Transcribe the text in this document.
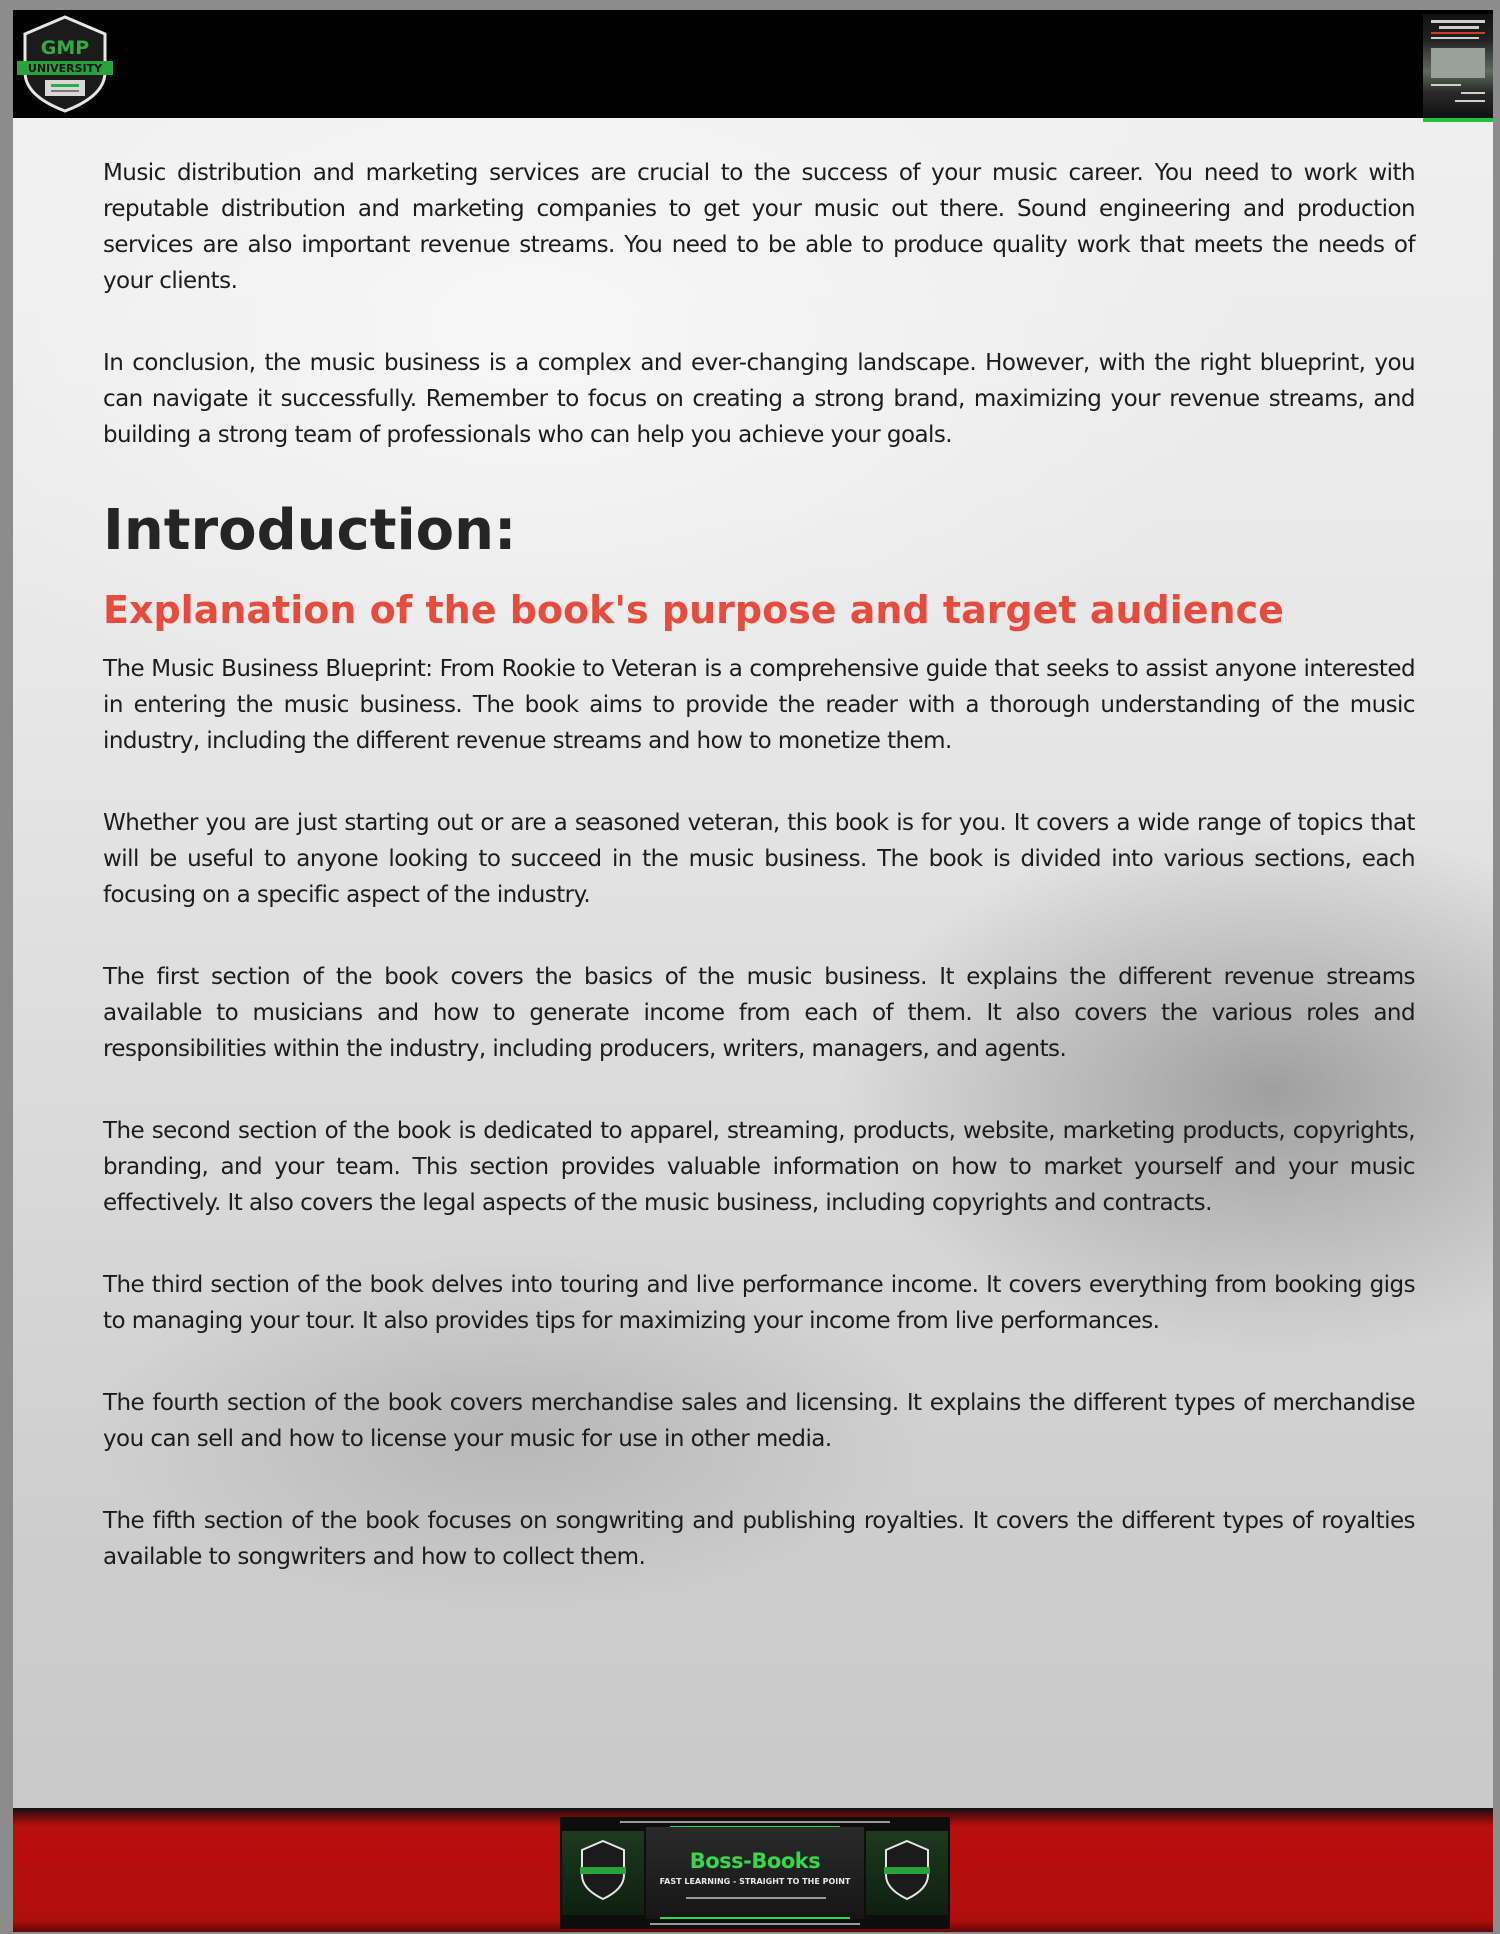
GMP
UNIVERSITY

Music distribution and marketing services are crucial to the success of your music career. You need to work with reputable distribution and marketing companies to get your music out there. Sound engineering and production services are also important revenue streams. You need to be able to produce quality work that meets the needs of your clients.

In conclusion, the music business is a complex and ever-changing landscape. However, with the right blueprint, you can navigate it successfully. Remember to focus on creating a strong brand, maximizing your revenue streams, and building a strong team of professionals who can help you achieve your goals.

Introduction:
Explanation of the book's purpose and target audience

The Music Business Blueprint: From Rookie to Veteran is a comprehensive guide that seeks to assist anyone interested in entering the music business. The book aims to provide the reader with a thorough understanding of the music industry, including the different revenue streams and how to monetize them.

Whether you are just starting out or are a seasoned veteran, this book is for you. It covers a wide range of topics that will be useful to anyone looking to succeed in the music business. The book is divided into various sections, each focusing on a specific aspect of the industry.

The first section of the book covers the basics of the music business. It explains the different revenue streams available to musicians and how to generate income from each of them. It also covers the various roles and responsibilities within the industry, including producers, writers, managers, and agents.

The second section of the book is dedicated to apparel, streaming, products, website, marketing products, copyrights, branding, and your team. This section provides valuable information on how to market yourself and your music effectively. It also covers the legal aspects of the music business, including copyrights and contracts.

The third section of the book delves into touring and live performance income. It covers everything from booking gigs to managing your tour. It also provides tips for maximizing your income from live performances.

The fourth section of the book covers merchandise sales and licensing. It explains the different types of merchandise you can sell and how to license your music for use in other media.

The fifth section of the book focuses on songwriting and publishing royalties. It covers the different types of royalties available to songwriters and how to collect them.

Boss-Books
FAST LEARNING - STRAIGHT TO THE POINT
